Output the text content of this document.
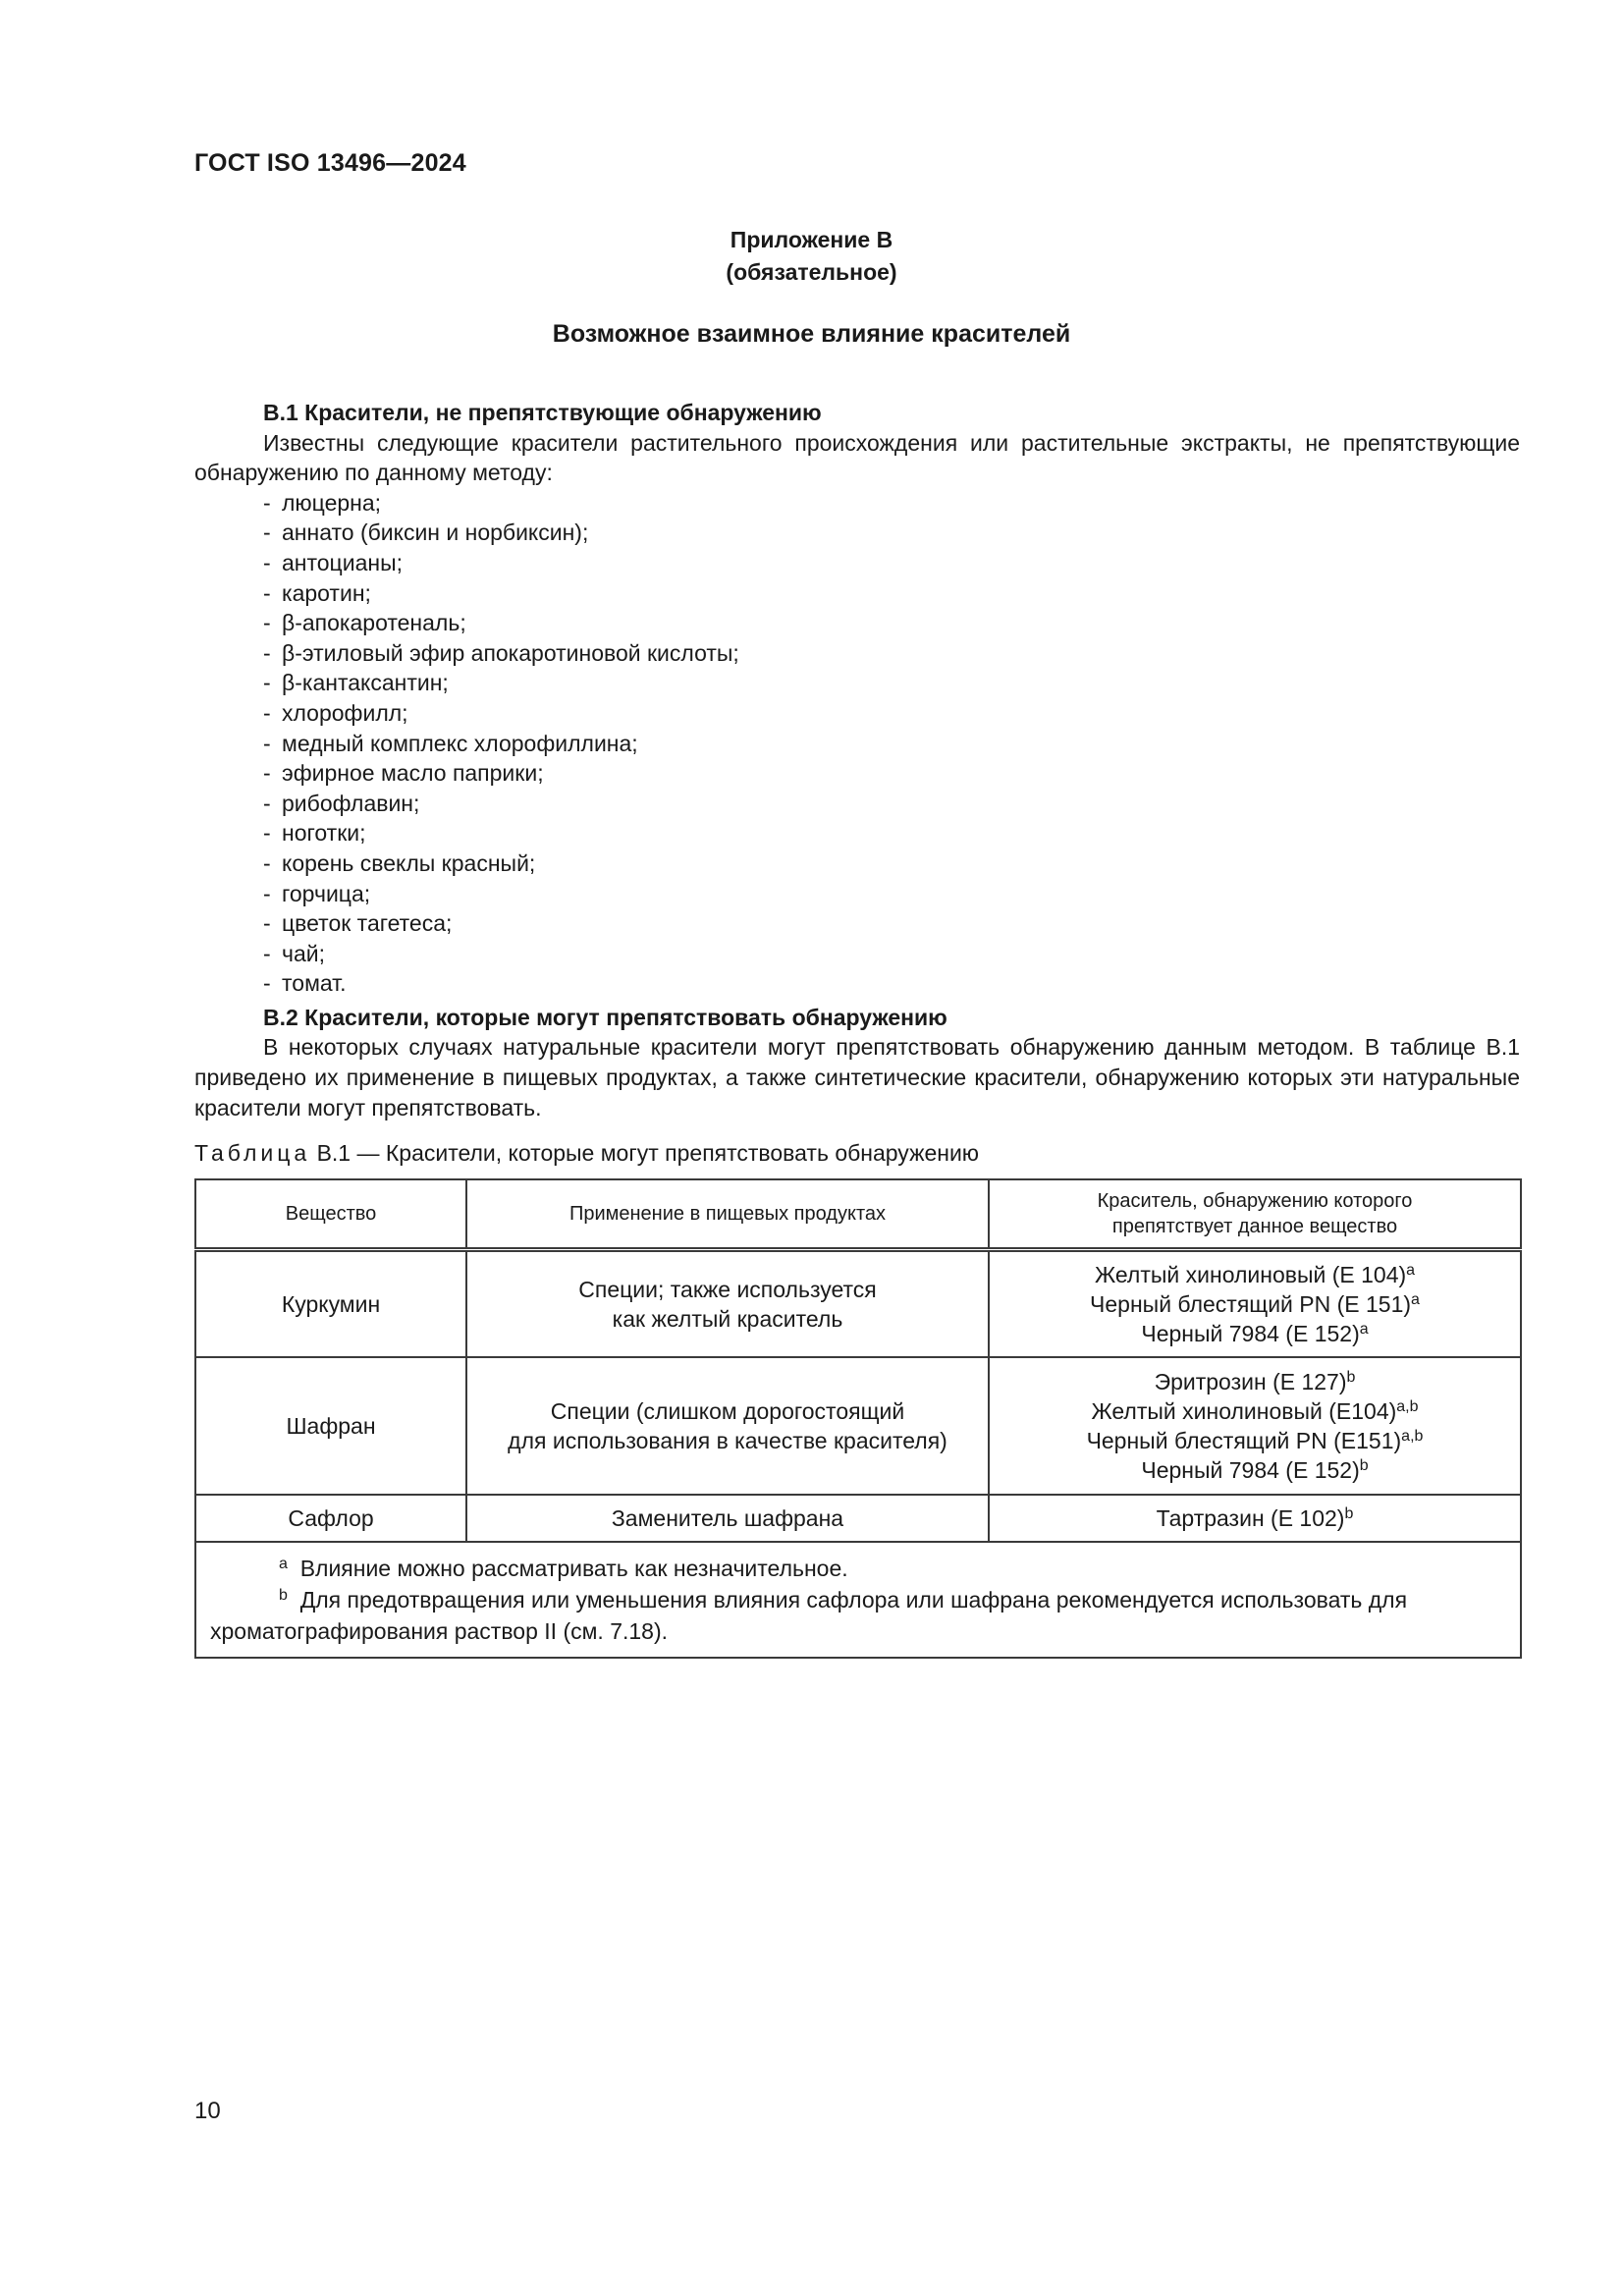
ГОСТ ISO 13496—2024
Приложение В
(обязательное)
Возможное взаимное влияние красителей

В.1 Красители, не препятствующие обнаружению

Известны следующие красители растительного происхождения или растительные экстракты, не препятствующие обнаружению по данному методу:

- люцерна;
- аннато (биксин и норбиксин);
- антоцианы;
- каротин;
- β-апокаротеналь;
- β-этиловый эфир апокаротиновой кислоты;
- β-кантаксантин;
- хлорофилл;
- медный комплекс хлорофиллина;
- эфирное масло паприки;
- рибофлавин;
- ноготки;
- корень свеклы красный;
- горчица;
- цветок тагетеса;
- чай;
- томат.

В.2 Красители, которые могут препятствовать обнаружению

В некоторых случаях натуральные красители могут препятствовать обнаружению данным методом. В таблице В.1 приведено их применение в пищевых продуктах, а также синтетические красители, обнаружению которых эти натуральные красители могут препятствовать.

Таблица В.1 — Красители, которые могут препятствовать обнаружению
Вещество	Применение в пищевых продуктах	Краситель, обнаружению которого
препятствует данное вещество

Куркумин	Специи; также используется
как желтый краситель	Желтый хинолиновый (Е 104)$^a$
Черный блестящий PN (Е 151)$^a$
Черный 7984 (Е 152)$^a$

Шафран	Специи (слишком дорогостоящий
для использования в качестве красителя)	Эритрозин (Е 127)$^b$
Желтый хинолиновый $(Е104)^{a,b}$
Черный блестящий PN $(Е151)^{a,b}$
Черный 7984 (Е 152)$^b$

Сафлор	Заменитель шафрана	Тартразин (Е 102)$^b$

$^a$ Влияние можно рассматривать как незначительное.
$^b$ Для предотвращения или уменьшения влияния сафлора или шафрана рекомендуется использовать для
хроматографирования раствор II (см. 7.18).		
10
